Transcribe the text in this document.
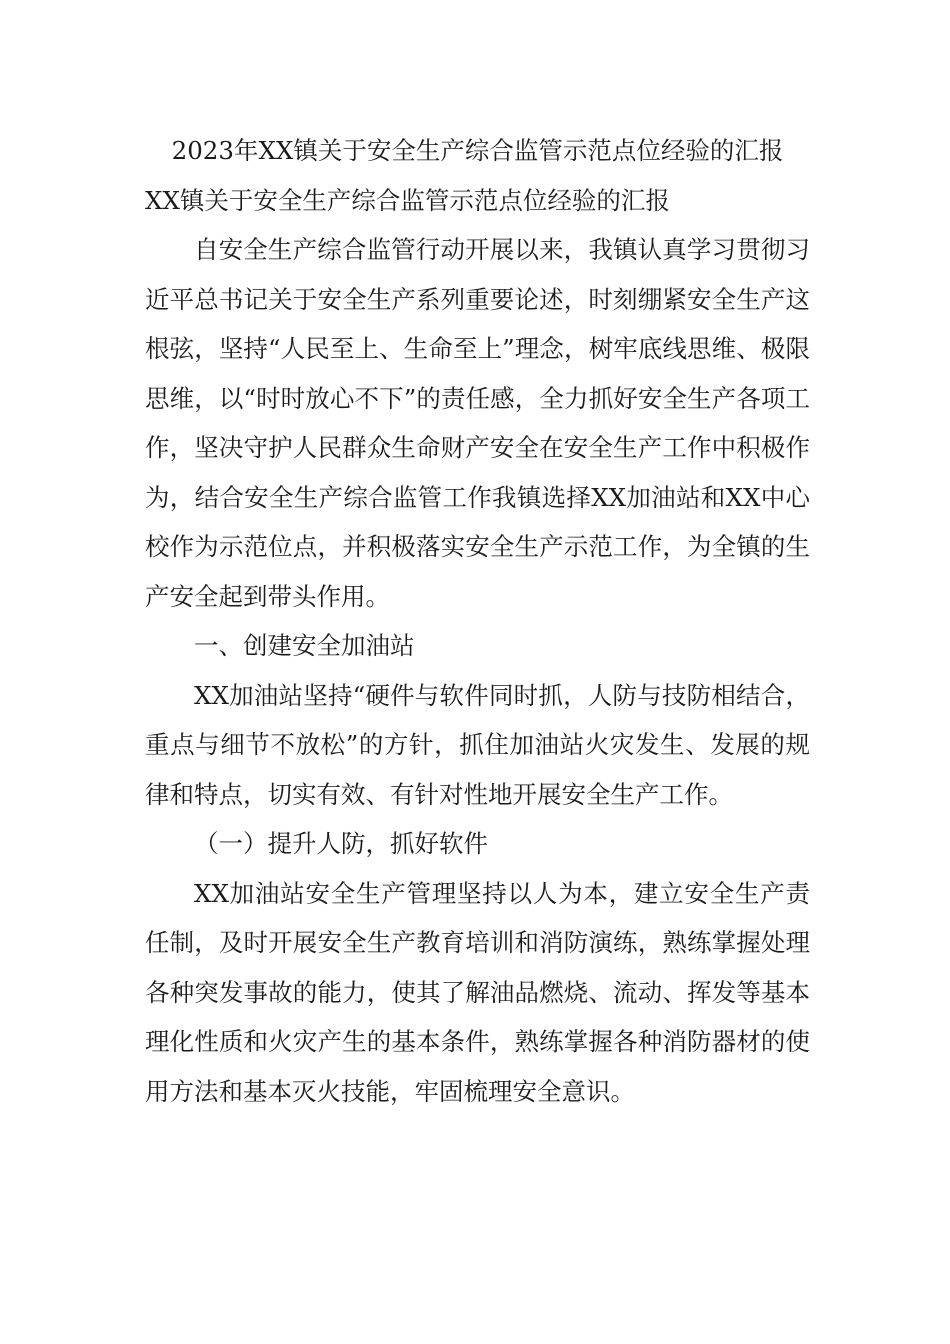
2023年XX镇关于安全生产综合监管示范点位经验的汇报
XX镇关于安全生产综合监管示范点位经验的汇报

自安全生产综合监管行动开展以来，我镇认真学习贯彻习近平总书记关于安全生产系列重要论述，时刻绷紧安全生产这根弦，坚持“人民至上、生命至上”理念，树牢底线思维、极限思维，以“时时放心不下”的责任感，全力抓好安全生产各项工作，坚决守护人民群众生命财产安全在安全生产工作中积极作为，结合安全生产综合监管工作我镇选择XX加油站和XX中心校作为示范位点，并积极落实安全生产示范工作，为全镇的生产安全起到带头作用。

一、创建安全加油站

XX加油站坚持“硬件与软件同时抓，人防与技防相结合，重点与细节不放松”的方针，抓住加油站火灾发生、发展的规律和特点，切实有效、有针对性地开展安全生产工作。

（一）提升人防，抓好软件

XX加油站安全生产管理坚持以人为本，建立安全生产责任制，及时开展安全生产教育培训和消防演练，熟练掌握处理各种突发事故的能力，使其了解油品燃烧、流动、挥发等基本理化性质和火灾产生的基本条件，熟练掌握各种消防器材的使用方法和基本灭火技能，牢固梳理安全意识。
